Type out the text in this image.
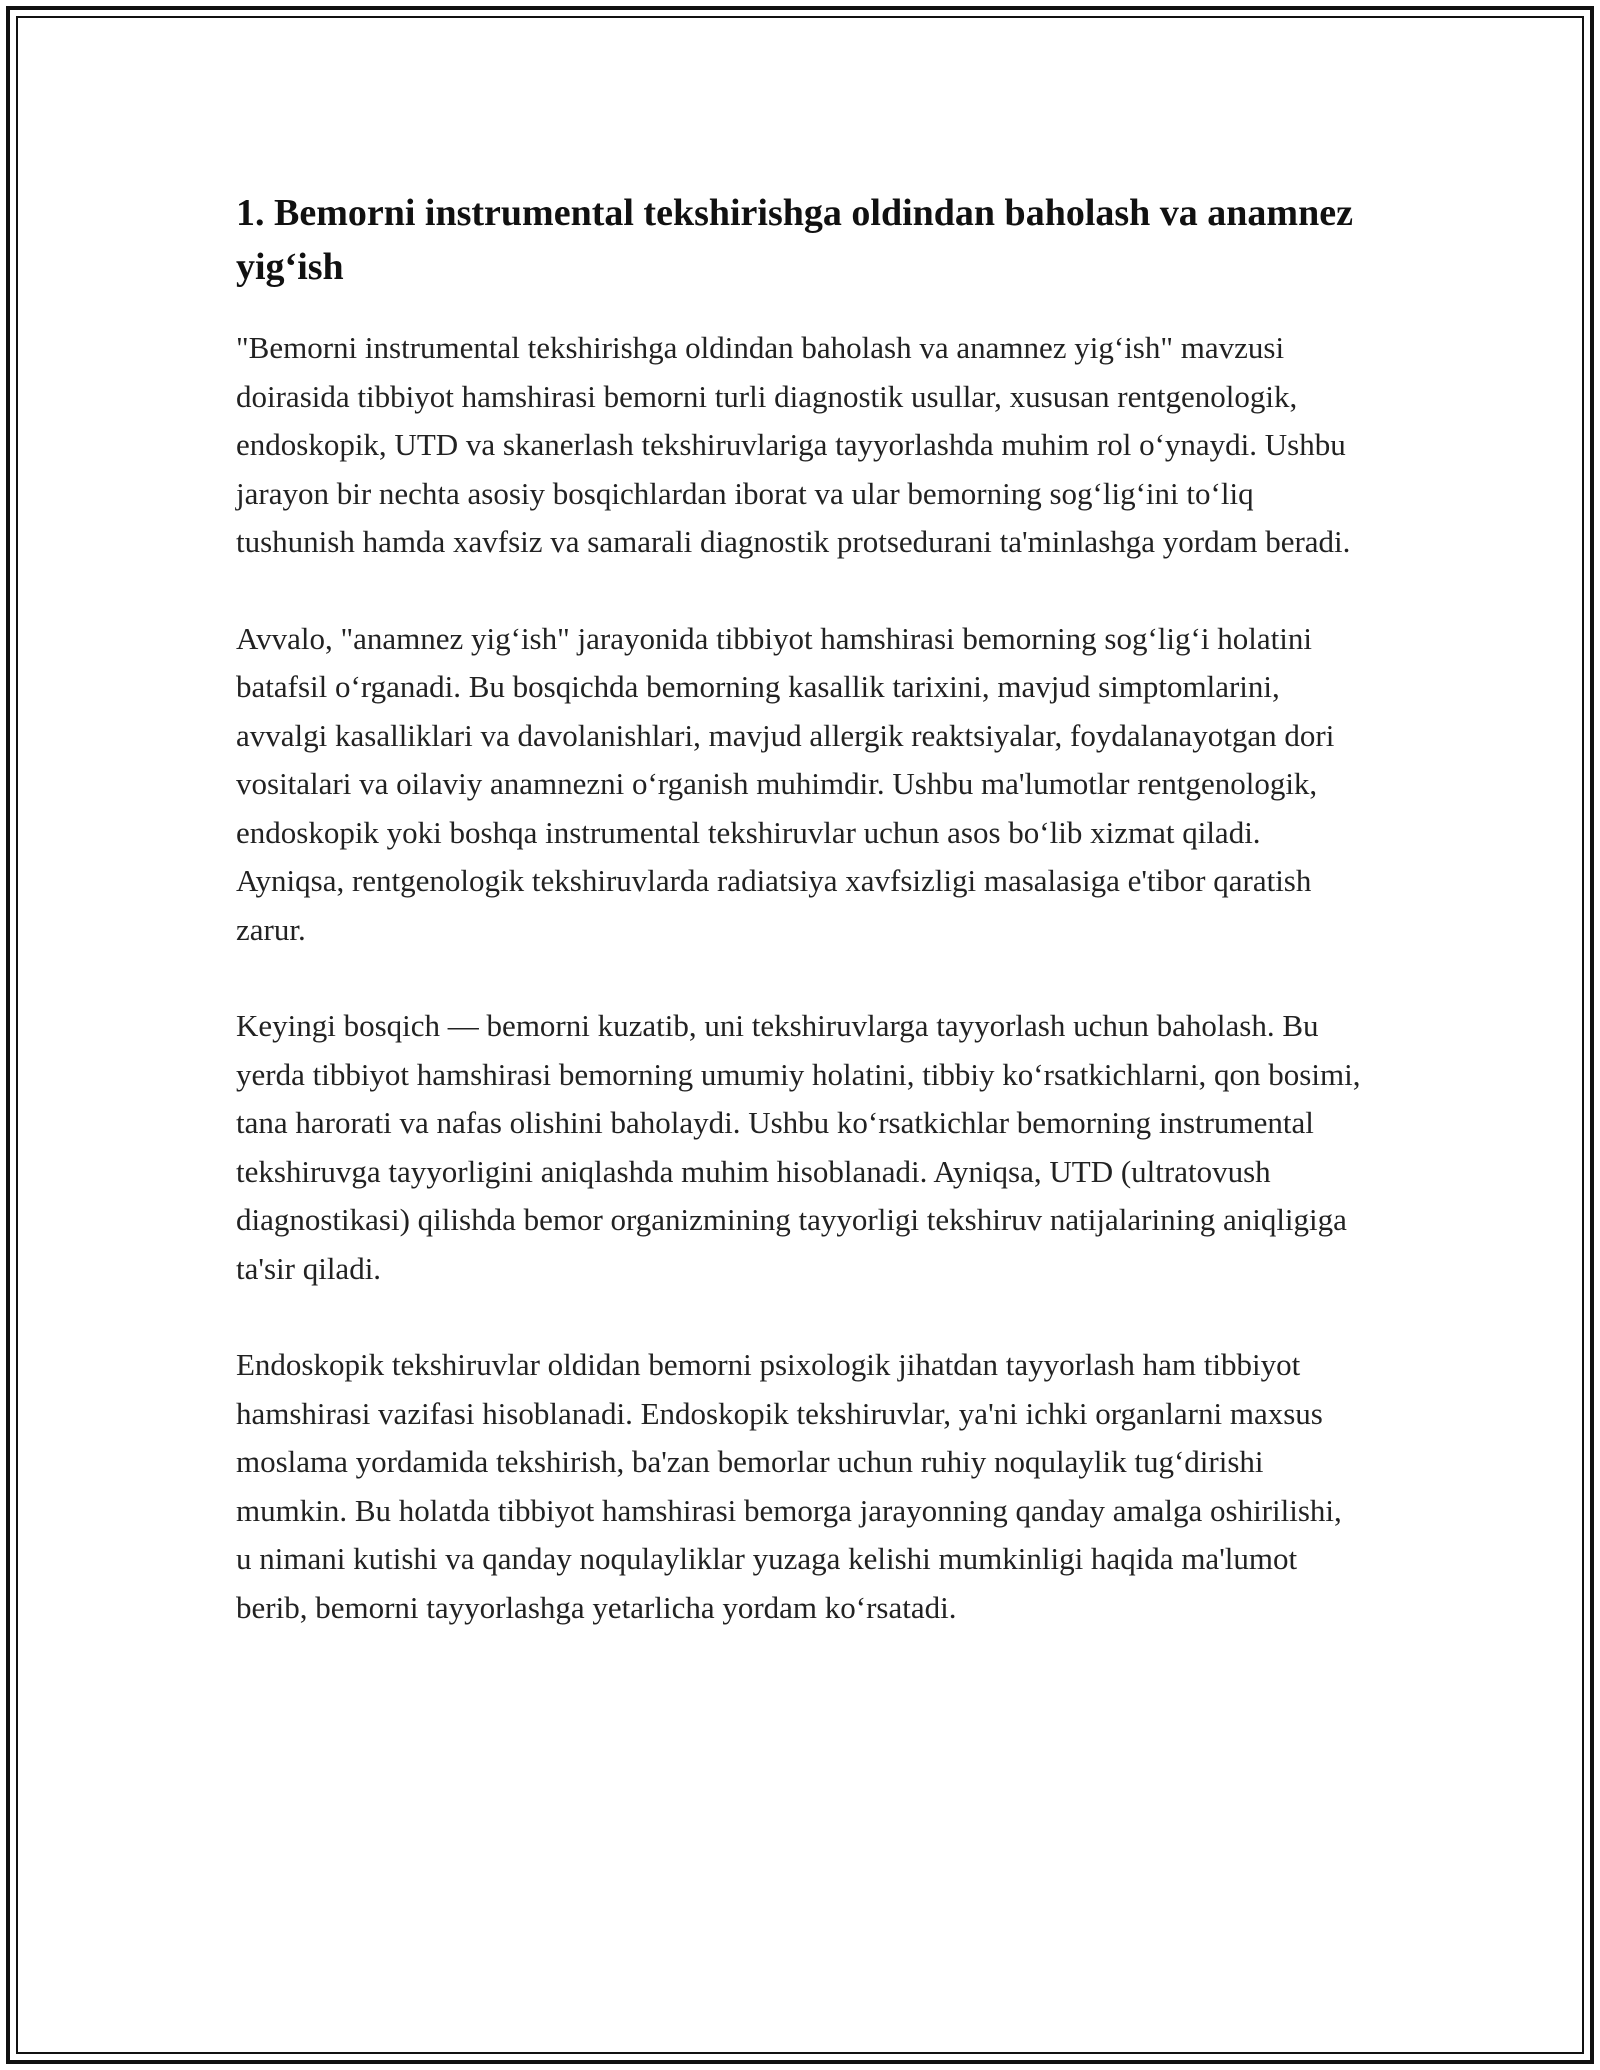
1. Bemorni instrumental tekshirishga oldindan baholash va anamnez yig‘ish

"Bemorni instrumental tekshirishga oldindan baholash va anamnez yig‘ish" mavzusi doirasida tibbiyot hamshirasi bemorni turli diagnostik usullar, xususan rentgenologik, endoskopik, UTD va skanerlash tekshiruvlariga tayyorlashda muhim rol o‘ynaydi. Ushbu jarayon bir nechta asosiy bosqichlardan iborat va ular bemorning sog‘lig‘ini to‘liq tushunish hamda xavfsiz va samarali diagnostik protsedurani ta'minlashga yordam beradi.

Avvalo, "anamnez yig‘ish" jarayonida tibbiyot hamshirasi bemorning sog‘lig‘i holatini batafsil o‘rganadi. Bu bosqichda bemorning kasallik tarixini, mavjud simptomlarini, avvalgi kasalliklari va davolanishlari, mavjud allergik reaktsiyalar, foydalanayotgan dori vositalari va oilaviy anamnezni o‘rganish muhimdir. Ushbu ma'lumotlar rentgenologik, endoskopik yoki boshqa instrumental tekshiruvlar uchun asos bo‘lib xizmat qiladi. Ayniqsa, rentgenologik tekshiruvlarda radiatsiya xavfsizligi masalasiga e'tibor qaratish zarur.

Keyingi bosqich — bemorni kuzatib, uni tekshiruvlarga tayyorlash uchun baholash. Bu yerda tibbiyot hamshirasi bemorning umumiy holatini, tibbiy ko‘rsatkichlarni, qon bosimi, tana harorati va nafas olishini baholaydi. Ushbu ko‘rsatkichlar bemorning instrumental tekshiruvga tayyorligini aniqlashda muhim hisoblanadi. Ayniqsa, UTD (ultratovush diagnostikasi) qilishda bemor organizmining tayyorligi tekshiruv natijalarining aniqligiga ta'sir qiladi.

Endoskopik tekshiruvlar oldidan bemorni psixologik jihatdan tayyorlash ham tibbiyot hamshirasi vazifasi hisoblanadi. Endoskopik tekshiruvlar, ya'ni ichki organlarni maxsus moslama yordamida tekshirish, ba'zan bemorlar uchun ruhiy noqulaylik tug‘dirishi mumkin. Bu holatda tibbiyot hamshirasi bemorga jarayonning qanday amalga oshirilishi, u nimani kutishi va qanday noqulayliklar yuzaga kelishi mumkinligi haqida ma'lumot berib, bemorni tayyorlashga yetarlicha yordam ko‘rsatadi.
